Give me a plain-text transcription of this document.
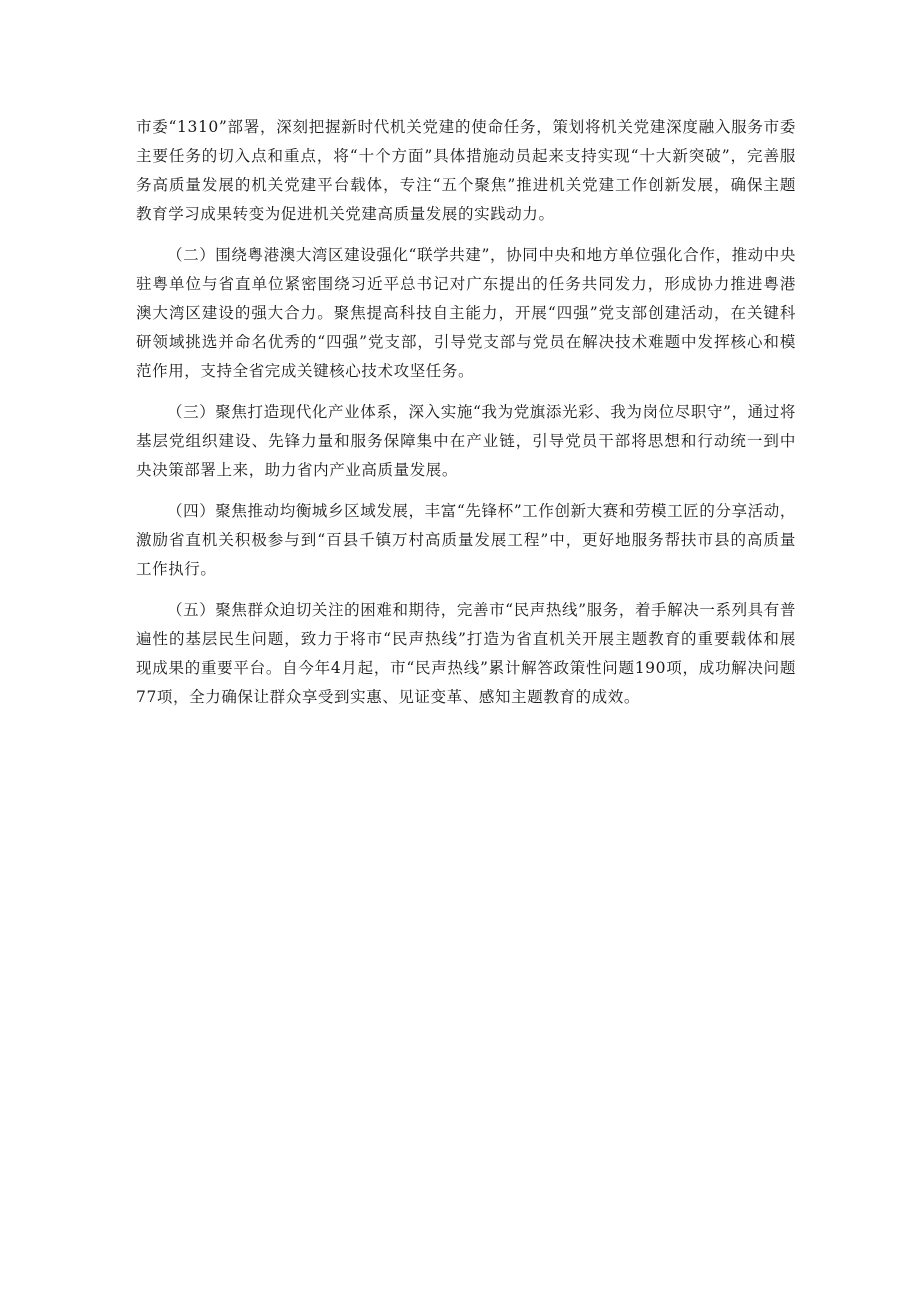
市委“1310”部署，深刻把握新时代机关党建的使命任务，策划将机关党建深度融入服务市委主要任务的切入点和重点，将“十个方面”具体措施动员起来支持实现“十大新突破”，完善服务高质量发展的机关党建平台载体，专注“五个聚焦”推进机关党建工作创新发展，确保主题教育学习成果转变为促进机关党建高质量发展的实践动力。

（二）围绕粤港澳大湾区建设强化“联学共建”，协同中央和地方单位强化合作，推动中央驻粤单位与省直单位紧密围绕习近平总书记对广东提出的任务共同发力，形成协力推进粤港澳大湾区建设的强大合力。聚焦提高科技自主能力，开展“四强”党支部创建活动，在关键科研领域挑选并命名优秀的“四强”党支部，引导党支部与党员在解决技术难题中发挥核心和模范作用，支持全省完成关键核心技术攻坚任务。

（三）聚焦打造现代化产业体系，深入实施“我为党旗添光彩、我为岗位尽职守”，通过将基层党组织建设、先锋力量和服务保障集中在产业链，引导党员干部将思想和行动统一到中央决策部署上来，助力省内产业高质量发展。

（四）聚焦推动均衡城乡区域发展，丰富“先锋杯”工作创新大赛和劳模工匠的分享活动，激励省直机关积极参与到“百县千镇万村高质量发展工程”中，更好地服务帮扶市县的高质量工作执行。

（五）聚焦群众迫切关注的困难和期待，完善市“民声热线”服务，着手解决一系列具有普遍性的基层民生问题，致力于将市“民声热线”打造为省直机关开展主题教育的重要载体和展现成果的重要平台。自今年4月起，市“民声热线”累计解答政策性问题190项，成功解决问题77项，全力确保让群众享受到实惠、见证变革、感知主题教育的成效。
